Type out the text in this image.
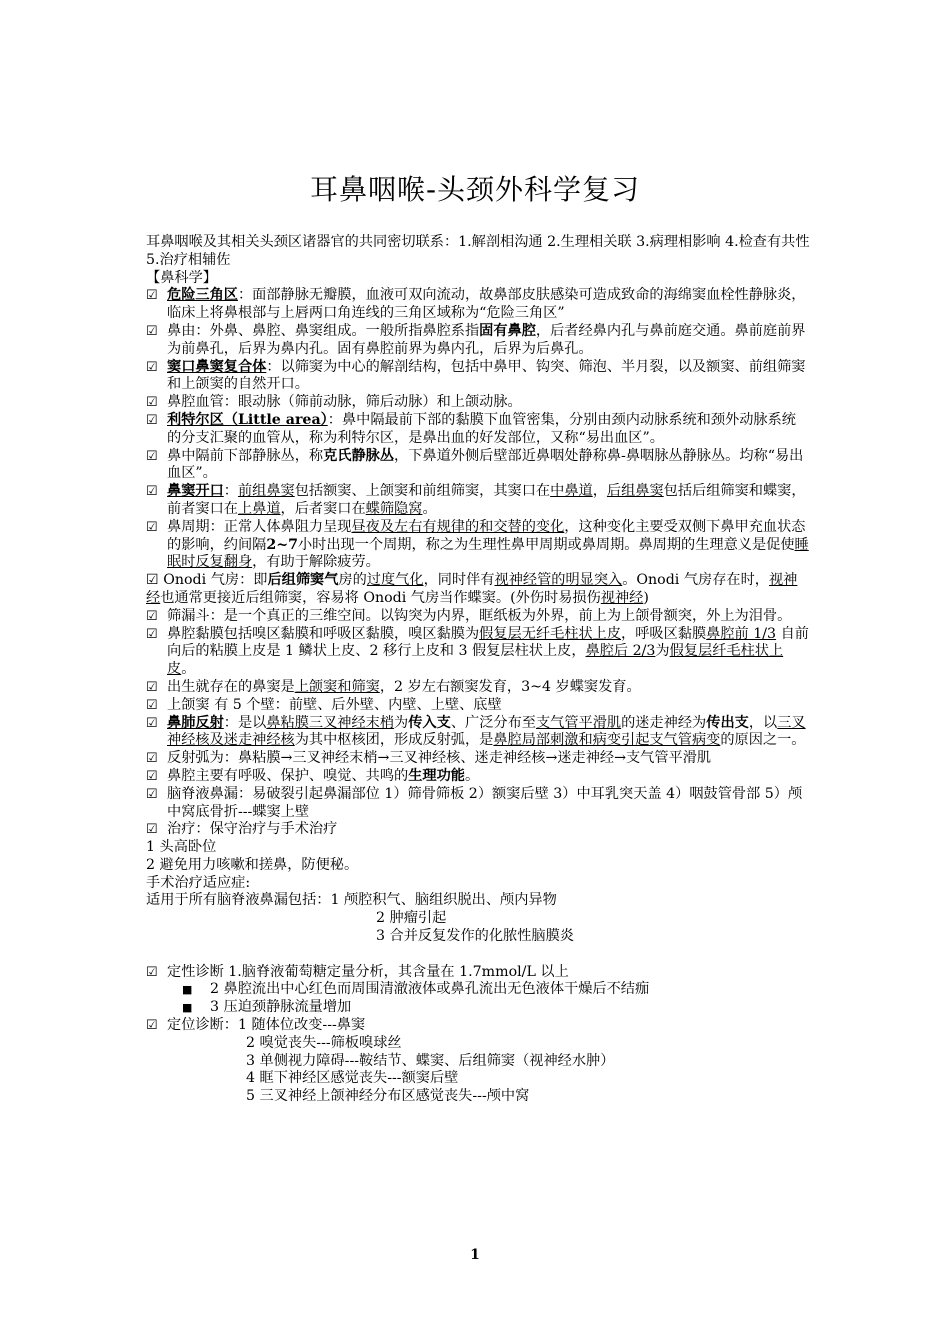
耳鼻咽喉-头颈外科学复习

耳鼻咽喉及其相关头颈区诸器官的共同密切联系：1.解剖相沟通 2.生理相关联 3.病理相影响 4.检查有共性 5.治疗相辅佐

【鼻科学】

☑ 危险三角区：面部静脉无瓣膜，血液可双向流动，故鼻部皮肤感染可造成致命的海绵窦血栓性静脉炎，临床上将鼻根部与上唇两口角连线的三角区域称为“危险三角区”
☑ 鼻由：外鼻、鼻腔、鼻窦组成。一般所指鼻腔系指固有鼻腔，后者经鼻内孔与鼻前庭交通。鼻前庭前界为前鼻孔，后界为鼻内孔。固有鼻腔前界为鼻内孔，后界为后鼻孔。
☑ 窦口鼻窦复合体：以筛窦为中心的解剖结构，包括中鼻甲、钩突、筛泡、半月裂，以及额窦、前组筛窦和上颌窦的自然开口。
☑ 鼻腔血管：眼动脉（筛前动脉，筛后动脉）和上颌动脉。
☑ 利特尔区（Little area）：鼻中隔最前下部的黏膜下血管密集，分别由颈内动脉系统和颈外动脉系统的分支汇聚的血管从，称为利特尔区，是鼻出血的好发部位，又称“易出血区”。
☑ 鼻中隔前下部静脉丛，称克氏静脉丛，下鼻道外侧后壁部近鼻咽处静称鼻-鼻咽脉丛静脉丛。均称“易出血区”。
☑ 鼻窦开口：前组鼻窦包括额窦、上颌窦和前组筛窦，其窦口在中鼻道，后组鼻窦包括后组筛窦和蝶窦，前者窦口在上鼻道，后者窦口在蝶筛隐窝。
☑ 鼻周期：正常人体鼻阻力呈现昼夜及左右有规律的和交替的变化，这种变化主要受双侧下鼻甲充血状态的影响，约间隔2~7小时出现一个周期，称之为生理性鼻甲周期或鼻周期。鼻周期的生理意义是促使睡眠时反复翻身，有助于解除疲劳。

☑ Onodi 气房：即后组筛窦气房的过度气化，同时伴有视神经管的明显突入。Onodi 气房存在时，视神经也通常更接近后组筛窦，容易将 Onodi 气房当作蝶窦。(外伤时易损伤视神经)

☑ 筛漏斗：是一个真正的三维空间。以钩突为内界，眶纸板为外界，前上为上颌骨额突，外上为泪骨。
☑ 鼻腔黏膜包括嗅区黏膜和呼吸区黏膜，嗅区黏膜为假复层无纤毛柱状上皮，呼吸区黏膜鼻腔前 1/3 自前向后的粘膜上皮是 1 鳞状上皮、2 移行上皮和 3 假复层柱状上皮，鼻腔后 2/3为假复层纤毛柱状上皮。
☑ 出生就存在的鼻窦是上颌窦和筛窦，2 岁左右额窦发育，3~4 岁蝶窦发育。
☑ 上颌窦 有 5 个壁：前壁、后外壁、内壁、上壁、底壁
☑ 鼻肺反射：是以鼻粘膜三叉神经末梢为传入支、广泛分布至支气管平滑肌的迷走神经为传出支，以三叉神经核及迷走神经核为其中枢核团，形成反射弧，是鼻腔局部刺激和病变引起支气管病变的原因之一。
☑ 反射弧为：鼻粘膜→三叉神经末梢→三叉神经核、迷走神经核→迷走神经→支气管平滑肌
☑ 鼻腔主要有呼吸、保护、嗅觉、共鸣的生理功能。
☑ 脑脊液鼻漏：易破裂引起鼻漏部位 1）筛骨筛板 2）额窦后壁 3）中耳乳突天盖 4）咽鼓管骨部 5）颅中窝底骨折---蝶窦上壁
☑ 治疗：保守治疗与手术治疗

1 头高卧位

2 避免用力咳嗽和搓鼻，防便秘。

手术治疗适应症:

适用于所有脑脊液鼻漏包括：1 颅腔积气、脑组织脱出、颅内异物

2 肿瘤引起

3 合并反复发作的化脓性脑膜炎

☑ 定性诊断 1.脑脊液葡萄糖定量分析，其含量在 1.7mmol/L 以上
■ 2 鼻腔流出中心红色而周围清澈液体或鼻孔流出无色液体干燥后不结痂
■ 3 压迫颈静脉流量增加
☑ 定位诊断：1 随体位改变---鼻窦

2 嗅觉丧失---筛板嗅球丝

3 单侧视力障碍---鞍结节、蝶窦、后组筛窦（视神经水肿）

4 眶下神经区感觉丧失---额窦后壁

5 三叉神经上颌神经分布区感觉丧失---颅中窝

1
